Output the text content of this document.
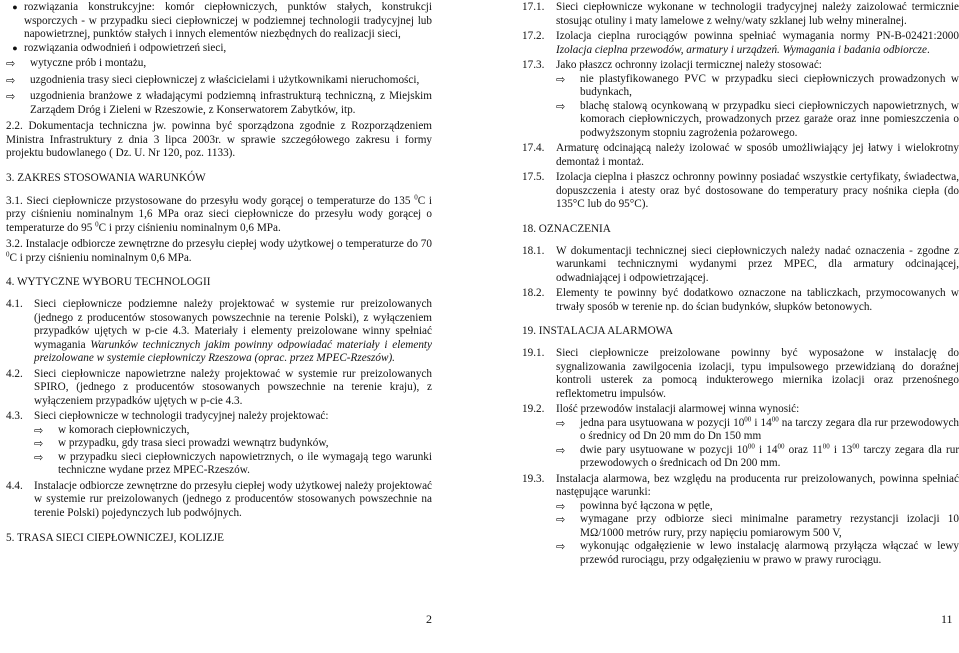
● rozwiązania konstrukcyjne: komór ciepłowniczych, punktów stałych, konstrukcji wsporczych - w przypadku sieci ciepłowniczej w podziemnej technologii tradycyjnej lub napowietrznej, punktów stałych i innych elementów niezbędnych do realizacji sieci,
● rozwiązania odwodnień i odpowietrzeń sieci,
⇨	wytyczne prób i montażu,
⇨	uzgodnienia trasy sieci ciepłowniczej z właścicielami i użytkownikami nieruchomości,
⇨	uzgodnienia branżowe z władającymi podziemną infrastrukturą techniczną, z Miejskim Zarządem Dróg i Zieleni w Rzeszowie, z Konserwatorem Zabytków, itp.

2.2. Dokumentacja techniczna jw. powinna być sporządzona zgodnie z Rozporządzeniem Ministra Infrastruktury z dnia 3 lipca 2003r. w sprawie szczegółowego zakresu i formy projektu budowlanego ( Dz. U. Nr 120, poz. 1133).

3. ZAKRES STOSOWANIA WARUNKÓW

3.1. Sieci ciepłownicze przystosowane do przesyłu wody gorącej o temperaturze do 135 $^0$C i przy ciśnieniu nominalnym 1,6 MPa oraz sieci ciepłownicze do przesyłu wody gorącej o temperaturze do 95 $^0$C i przy ciśnieniu nominalnym 0,6 MPa.

3.2. Instalacje odbiorcze zewnętrzne do przesyłu ciepłej wody użytkowej o temperaturze do 70 $^0$C i przy ciśnieniu nominalnym 0,6 MPa.

4. WYTYCZNE WYBORU TECHNOLOGII

4.1.	Sieci ciepłownicze podziemne należy projektować w systemie rur preizolowanych (jednego z producentów stosowanych powszechnie na terenie Polski), z wyłączeniem przypadków ujętych w p-cie 4.3. Materiały i elementy preizolowane winny spełniać wymagania Warunków technicznych jakim powinny odpowiadać materiały i elementy preizolowane w systemie ciepłowniczy Rzeszowa (oprac. przez MPEC-Rzeszów).
4.2.	Sieci ciepłownicze napowietrzne należy projektować w systemie rur preizolowanych SPIRO, (jednego z producentów stosowanych powszechnie na terenie kraju), z wyłączeniem przypadków ujętych w p-cie 4.3.
4.3.	Sieci ciepłownicze w technologii tradycyjnej należy projektować:
⇨	w komorach ciepłowniczych,
⇨	w przypadku, gdy trasa sieci prowadzi wewnątrz budynków,
⇨	w przypadku sieci ciepłowniczych napowietrznych, o ile wymagają tego warunki techniczne wydane przez MPEC-Rzeszów.
4.4.	Instalacje odbiorcze zewnętrzne do przesyłu ciepłej wody użytkowej należy projektować w systemie rur preizolowanych (jednego z producentów stosowanych powszechnie na terenie Polski) pojedynczych lub podwójnych.

5. TRASA SIECI CIEPŁOWNICZEJ, KOLIZJE

2
17.1.	Sieci ciepłownicze wykonane w technologii tradycyjnej należy zaizolować termicznie stosując otuliny i maty lamelowe z wełny/waty szklanej lub wełny mineralnej.
17.2.	Izolacja cieplna rurociągów powinna spełniać wymagania normy PN-B-02421:2000 Izolacja cieplna przewodów, armatury i urządzeń. Wymagania i badania odbiorcze.
17.3.	Jako płaszcz ochronny izolacji termicznej należy stosować:
⇨	nie plastyfikowanego PVC w przypadku sieci ciepłowniczych prowadzonych w budynkach,
⇨	blachę stalową ocynkowaną w przypadku sieci ciepłowniczych napowietrznych, w komorach ciepłowniczych, prowadzonych przez garaże oraz inne pomieszczenia o podwyższonym stopniu zagrożenia pożarowego.
17.4.	Armaturę odcinającą należy izolować w sposób umożliwiający jej łatwy i wielokrotny demontaż i montaż.
17.5.	Izolacja cieplna i płaszcz ochronny powinny posiadać wszystkie certyfikaty, świadectwa, dopuszczenia i atesty oraz być dostosowane do temperatury pracy nośnika ciepła (do 135°C lub do 95°C).

18. OZNACZENIA

18.1.	W dokumentacji technicznej sieci ciepłowniczych należy nadać oznaczenia - zgodne z warunkami technicznymi wydanymi przez MPEC, dla armatury odcinającej, odwadniającej i odpowietrzającej.
18.2.	Elementy te powinny być dodatkowo oznaczone na tabliczkach, przymocowanych w trwały sposób w terenie np. do ścian budynków, słupków betonowych.

19. INSTALACJA ALARMOWA

19.1.	Sieci ciepłownicze preizolowane powinny być wyposażone w instalację do sygnalizowania zawilgocenia izolacji, typu impulsowego przewidzianą do doraźnej kontroli usterek za pomocą indukterowego miernika izolacji oraz przenośnego reflektometru impulsów.
19.2.	Ilość przewodów instalacji alarmowej winna wynosić:
⇨	jedna para usytuowana w pozycji $10^{00}$ i $14^{00}$ na tarczy zegara dla rur przewodowych o średnicy od Dn 20 mm do Dn 150 mm
⇨	dwie pary usytuowane w pozycji $10^{00}$ i $14^{00}$ oraz $11^{00}$ i $13^{00}$ tarczy zegara dla rur przewodowych o średnicach od Dn 200 mm.
19.3.	Instalacja alarmowa, bez względu na producenta rur preizolowanych, powinna spełniać następujące warunki:
⇨	powinna być łączona w pętle,
⇨	wymagane przy odbiorze sieci minimalne parametry rezystancji izolacji 10 MΩ/1000 metrów rury, przy napięciu pomiarowym 500 V,
⇨	wykonując odgałęzienie w lewo instalację alarmową przyłącza włączać w lewy przewód rurociągu, przy odgałęzieniu w prawo w prawy rurociągu.
11
